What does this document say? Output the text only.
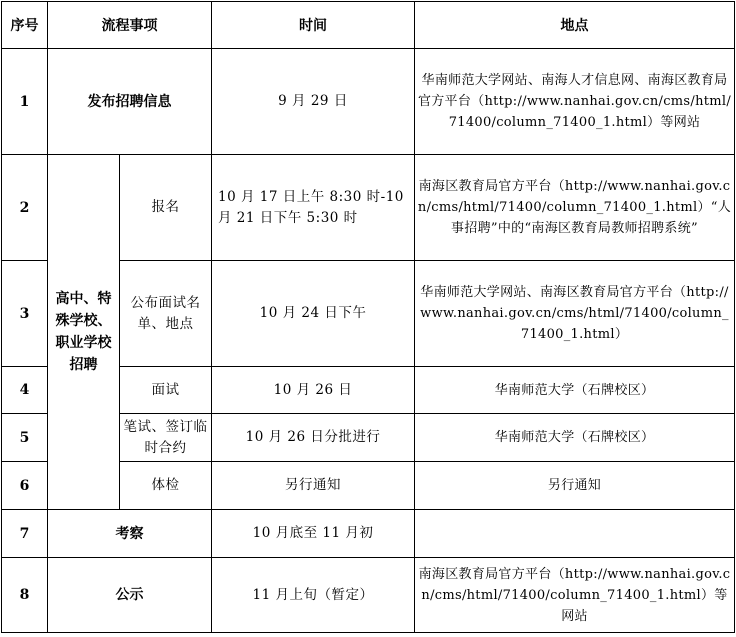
序号	流程事项		时间	地点
1	发布招聘信息		9 月 29 日	华南师范大学网站、南海人才信息网、南海区教育局官方平台（http://www.nanhai.gov.cn/cms/html/71400/column_71400_1.html）等网站
2	高中、特殊学校、职业学校招聘	报名	10 月 17 日上午 8:30 时-10 月 21 日下午 5:30 时	南海区教育局官方平台（http://www.nanhai.gov.cn/cms/html/71400/column_71400_1.html）“人事招聘”中的“南海区教育局教师招聘系统”
3		公布面试名单、地点	10 月 24 日下午	华南师范大学网站、南海区教育局官方平台（http://www.nanhai.gov.cn/cms/html/71400/column_71400_1.html）
4		面试	10 月 26 日	华南师范大学（石牌校区）
5		笔试、签订临时合约	10 月 26 日分批进行	华南师范大学（石牌校区）
6		体检	另行通知	另行通知
7	考察		10 月底至 11 月初	
8	公示		11 月上旬（暂定）	南海区教育局官方平台（http://www.nanhai.gov.cn/cms/html/71400/column_71400_1.html）等网站
